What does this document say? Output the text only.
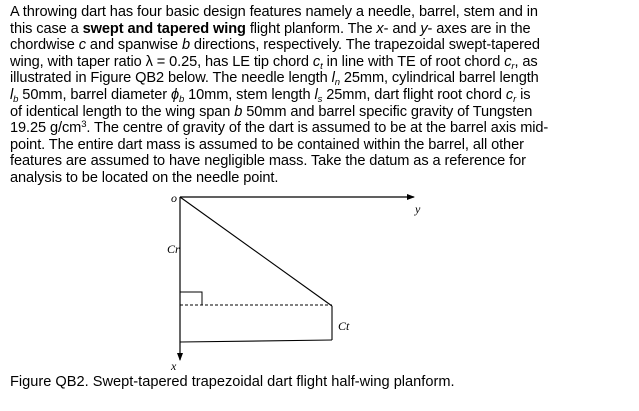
A throwing dart has four basic design features namely a needle, barrel, stem and in
this case a swept and tapered wing flight planform. The x- and y- axes are in the
chordwise c and spanwise b directions, respectively. The trapezoidal swept-tapered
wing, with taper ratio λ = 0.25, has LE tip chord $c_t$ in line with TE of root chord $c_r$, as
illustrated in Figure QB2 below. The needle length $l_n$ 25mm, cylindrical barrel length
$l_b$ 50mm, barrel diameter $\phi_b$ 10mm, stem length $l_s$ 25mm, dart flight root chord $c_r$ is
of identical length to the wing span b 50mm and barrel specific gravity of Tungsten
19.25 $g/cm^3$. The centre of gravity of the dart is assumed to be at the barrel axis mid-
point. The entire dart mass is assumed to be contained within the barrel, all other
features are assumed to have negligible mass. Take the datum as a reference for
analysis to be located on the needle point.
o
y
x
Cr
Ct
Figure QB2. Swept-tapered trapezoidal dart flight half-wing planform.
